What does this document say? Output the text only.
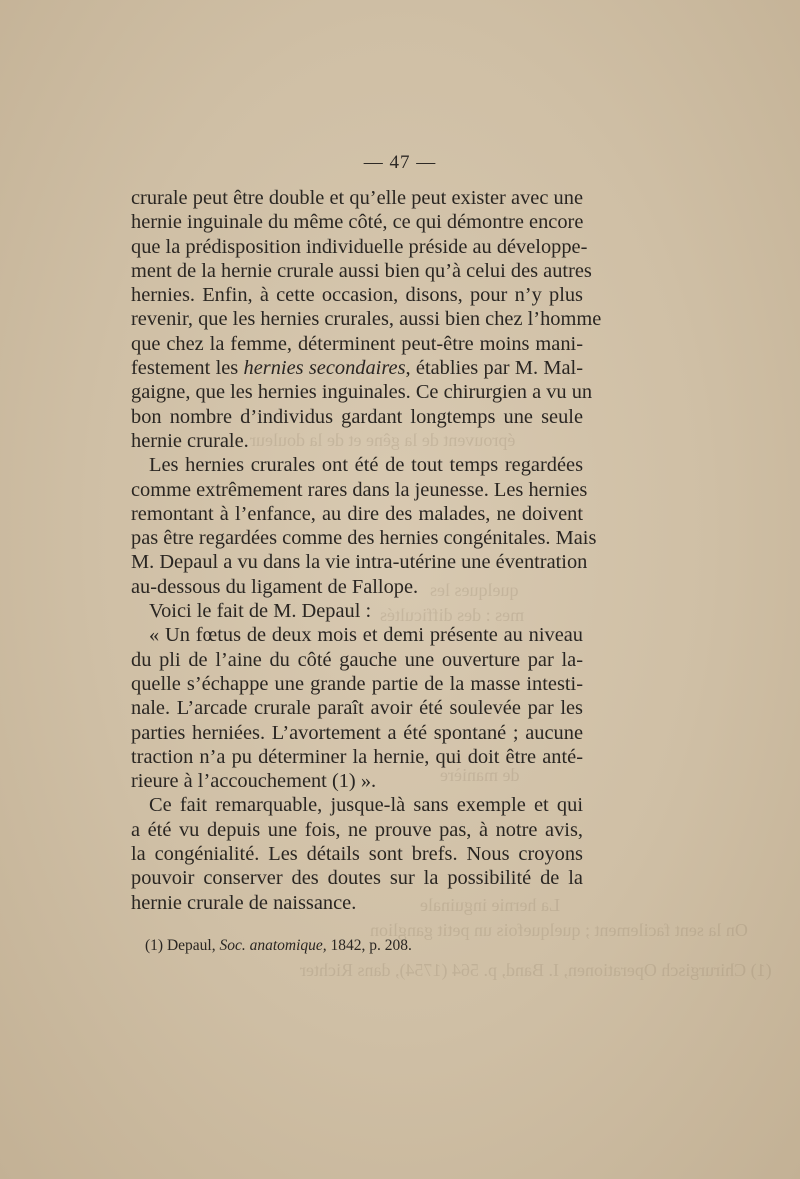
éprouvent de la gêne et de la douleur
quelques les
mes : des difficultés
de manière
La hernie inguinale
On la sent facilement ; quelquefois un petit ganglion
(1) Chirurgisch Operationen, I. Band, p. 564 (1754), dans Richter
— 47 —
crurale peut être double et qu’elle peut exister avec une
hernie inguinale du même côté, ce qui démontre encore
que la prédisposition individuelle préside au développe-
ment de la hernie crurale aussi bien qu’à celui des autres
hernies. Enfin, à cette occasion, disons, pour n’y plus
revenir, que les hernies crurales, aussi bien chez l’homme
que chez la femme, déterminent peut-être moins mani-
festement les hernies secondaires, établies par M. Mal-
gaigne, que les hernies inguinales. Ce chirurgien a vu un
bon nombre d’individus gardant longtemps une seule
hernie crurale.
Les hernies crurales ont été de tout temps regardées
comme extrêmement rares dans la jeunesse. Les hernies
remontant à l’enfance, au dire des malades, ne doivent
pas être regardées comme des hernies congénitales. Mais
M. Depaul a vu dans la vie intra-utérine une éventration
au-dessous du ligament de Fallope.
Voici le fait de M. Depaul :
« Un fœtus de deux mois et demi présente au niveau
du pli de l’aine du côté gauche une ouverture par la-
quelle s’échappe une grande partie de la masse intesti-
nale. L’arcade crurale paraît avoir été soulevée par les
parties herniées. L’avortement a été spontané ; aucune
traction n’a pu déterminer la hernie, qui doit être anté-
rieure à l’accouchement (1) ».
Ce fait remarquable, jusque-là sans exemple et qui
a été vu depuis une fois, ne prouve pas, à notre avis,
la congénialité. Les détails sont brefs. Nous croyons
pouvoir conserver des doutes sur la possibilité de la
hernie crurale de naissance.
(1) Depaul, Soc. anatomique, 1842, p. 208.
